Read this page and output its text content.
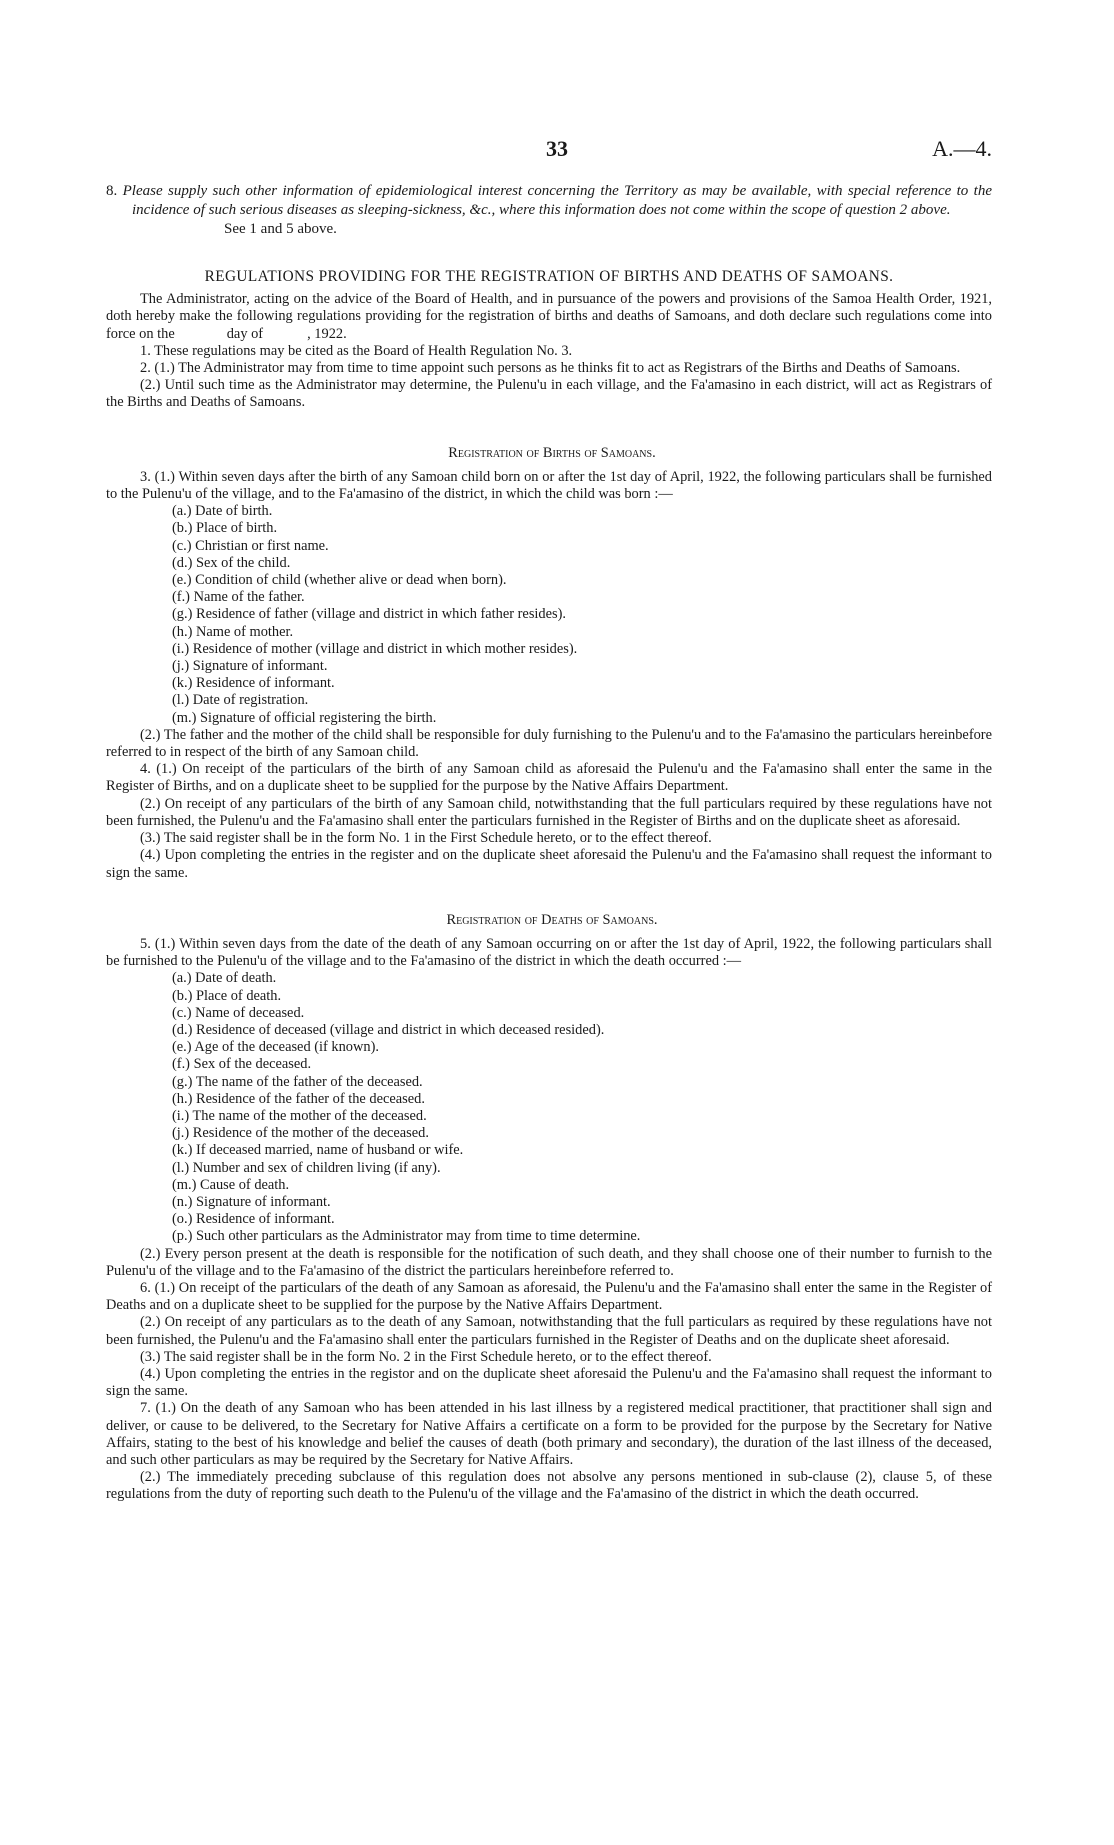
33	A.—4.

8. Please supply such other information of epidemiological interest concerning the Territory as may be available, with special reference to the incidence of such serious diseases as sleeping-sickness, &c., where this information does not come within the scope of question 2 above.

See 1 and 5 above.

REGULATIONS PROVIDING FOR THE REGISTRATION OF BIRTHS AND DEATHS OF SAMOANS.

The Administrator, acting on the advice of the Board of Health, and in pursuance of the powers and provisions of the Samoa Health Order, 1921, doth hereby make the following regulations providing for the registration of births and deaths of Samoans, and doth declare such regulations come into force on the	day of	, 1922.

1. These regulations may be cited as the Board of Health Regulation No. 3.

2. (1.) The Administrator may from time to time appoint such persons as he thinks fit to act as Registrars of the Births and Deaths of Samoans.

(2.) Until such time as the Administrator may determine, the Pulenu'u in each village, and the Fa'amasino in each district, will act as Registrars of the Births and Deaths of Samoans.

Registration of Births of Samoans.

3. (1.) Within seven days after the birth of any Samoan child born on or after the 1st day of April, 1922, the following particulars shall be furnished to the Pulenu'u of the village, and to the Fa'amasino of the district, in which the child was born :—

(a.) Date of birth.
(b.) Place of birth.
(c.) Christian or first name.
(d.) Sex of the child.
(e.) Condition of child (whether alive or dead when born).
(f.) Name of the father.
(g.) Residence of father (village and district in which father resides).
(h.) Name of mother.
(i.) Residence of mother (village and district in which mother resides).
(j.) Signature of informant.
(k.) Residence of informant.
(l.) Date of registration.
(m.) Signature of official registering the birth.

(2.) The father and the mother of the child shall be responsible for duly furnishing to the Pulenu'u and to the Fa'amasino the particulars hereinbefore referred to in respect of the birth of any Samoan child.

4. (1.) On receipt of the particulars of the birth of any Samoan child as aforesaid the Pulenu'u and the Fa'amasino shall enter the same in the Register of Births, and on a duplicate sheet to be supplied for the purpose by the Native Affairs Department.

(2.) On receipt of any particulars of the birth of any Samoan child, notwithstanding that the full particulars required by these regulations have not been furnished, the Pulenu'u and the Fa'amasino shall enter the particulars furnished in the Register of Births and on the duplicate sheet as aforesaid.

(3.) The said register shall be in the form No. 1 in the First Schedule hereto, or to the effect thereof.

(4.) Upon completing the entries in the register and on the duplicate sheet aforesaid the Pulenu'u and the Fa'amasino shall request the informant to sign the same.

Registration of Deaths of Samoans.

5. (1.) Within seven days from the date of the death of any Samoan occurring on or after the 1st day of April, 1922, the following particulars shall be furnished to the Pulenu'u of the village and to the Fa'amasino of the district in which the death occurred :—

(a.) Date of death.
(b.) Place of death.
(c.) Name of deceased.
(d.) Residence of deceased (village and district in which deceased resided).
(e.) Age of the deceased (if known).
(f.) Sex of the deceased.
(g.) The name of the father of the deceased.
(h.) Residence of the father of the deceased.
(i.) The name of the mother of the deceased.
(j.) Residence of the mother of the deceased.
(k.) If deceased married, name of husband or wife.
(l.) Number and sex of children living (if any).
(m.) Cause of death.
(n.) Signature of informant.
(o.) Residence of informant.
(p.) Such other particulars as the Administrator may from time to time determine.

(2.) Every person present at the death is responsible for the notification of such death, and they shall choose one of their number to furnish to the Pulenu'u of the village and to the Fa'amasino of the district the particulars hereinbefore referred to.

6. (1.) On receipt of the particulars of the death of any Samoan as aforesaid, the Pulenu'u and the Fa'amasino shall enter the same in the Register of Deaths and on a duplicate sheet to be supplied for the purpose by the Native Affairs Department.

(2.) On receipt of any particulars as to the death of any Samoan, notwithstanding that the full particulars as required by these regulations have not been furnished, the Pulenu'u and the Fa'amasino shall enter the particulars furnished in the Register of Deaths and on the duplicate sheet aforesaid.

(3.) The said register shall be in the form No. 2 in the First Schedule hereto, or to the effect thereof.

(4.) Upon completing the entries in the registor and on the duplicate sheet aforesaid the Pulenu'u and the Fa'amasino shall request the informant to sign the same.

7. (1.) On the death of any Samoan who has been attended in his last illness by a registered medical practitioner, that practitioner shall sign and deliver, or cause to be delivered, to the Secretary for Native Affairs a certificate on a form to be provided for the purpose by the Secretary for Native Affairs, stating to the best of his knowledge and belief the causes of death (both primary and secondary), the duration of the last illness of the deceased, and such other particulars as may be required by the Secretary for Native Affairs.

(2.) The immediately preceding subclause of this regulation does not absolve any persons mentioned in sub-clause (2), clause 5, of these regulations from the duty of reporting such death to the Pulenu'u of the village and the Fa'amasino of the district in which the death occurred.
